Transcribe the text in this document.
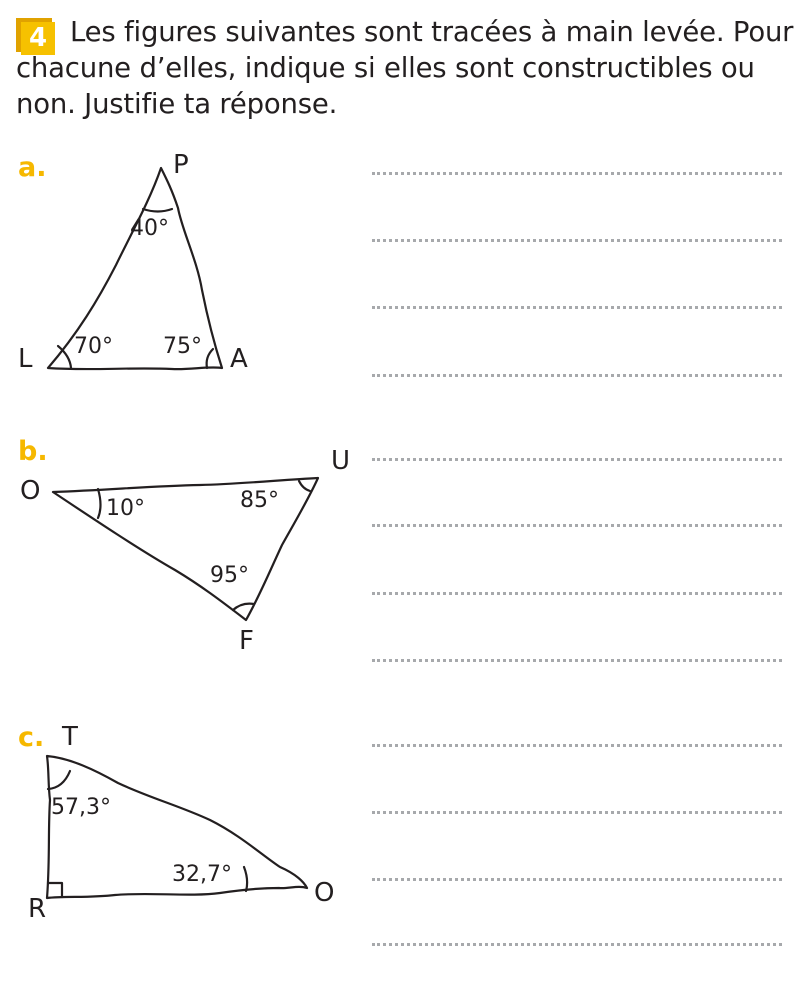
4 Les figures suivantes sont tracées à main levée. Pour chacune d’elles, indique si elles sont constructibles ou non. Justifie ta réponse.

a.	P
L	A
40°
70° 75°
b.
O
U
F
10°	85°
95°
c. T
R
O
57,3°
32,7°
